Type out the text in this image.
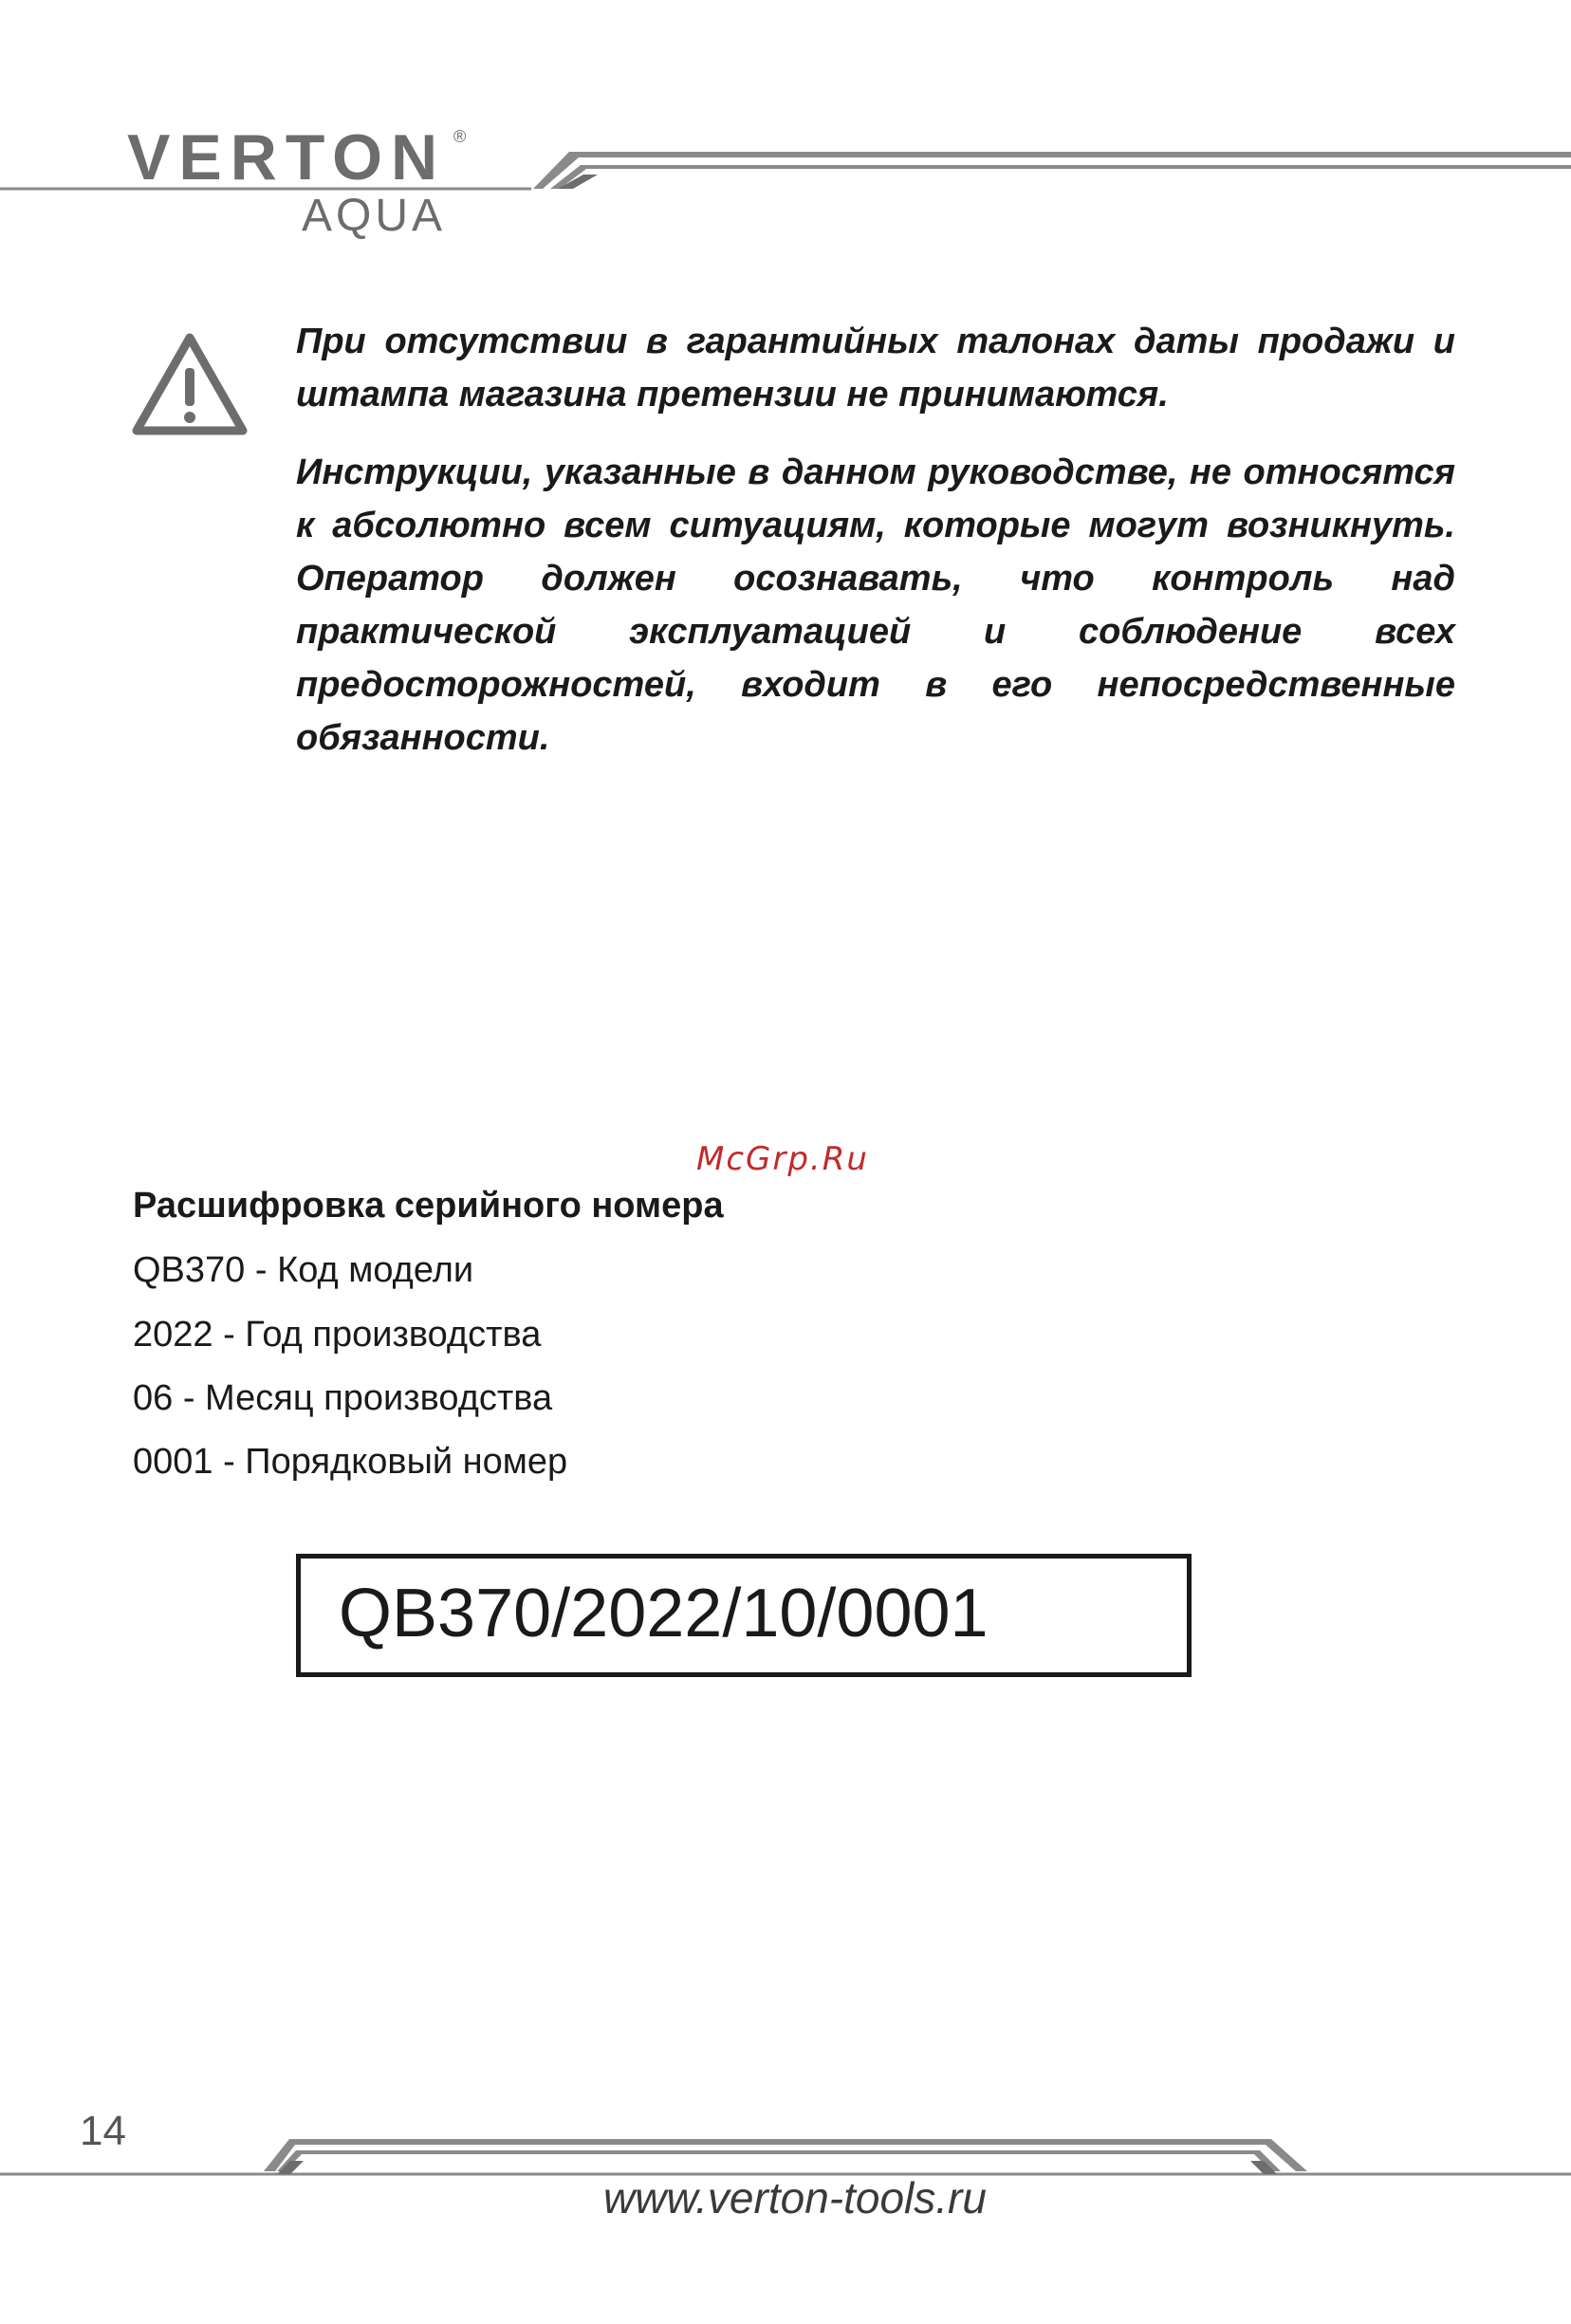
VERTON ®
AQUA
При отсутствии в гарантийных талонах даты продажи и штампа магазина претензии не принимаются.
Инструкции, указанные в данном руководстве, не относятся к абсолютно всем ситуациям, которые могут возникнуть. Оператор должен осознавать, что контроль над практической эксплуатацией и соблюдение всех предосторожностей, входит в его непосредственные обязанности.
McGrp.Ru
Расшифровка серийного номера
QB370 - Код модели
2022 - Год производства
06 - Месяц производства
0001 - Порядковый номер
QB370/2022/10/0001
14
www.verton-tools.ru
